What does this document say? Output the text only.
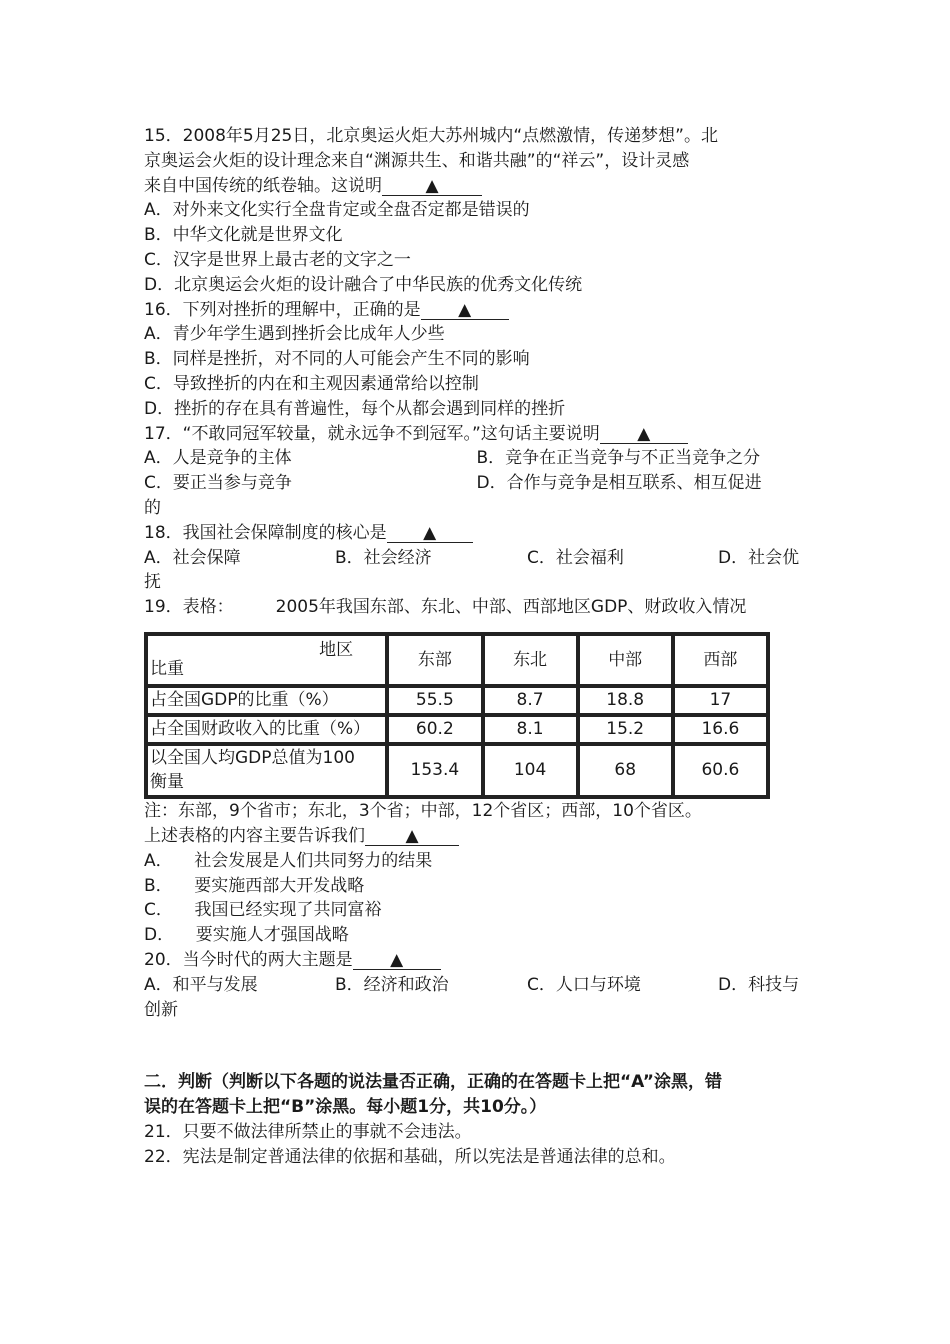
15．2008年5月25日，北京奥运火炬大苏州城内“点燃激情，传递梦想”。北
京奥运会火炬的设计理念来自“渊源共生、和谐共融”的“祥云”，设计灵感
来自中国传统的纸卷轴。这说明	▲
A．对外来文化实行全盘肯定或全盘否定都是错误的
B．中华文化就是世界文化
C．汉字是世界上最古老的文字之一
D．北京奥运会火炬的设计融合了中华民族的优秀文化传统
16．下列对挫折的理解中，正确的是 ▲
A．青少年学生遇到挫折会比成年人少些
B．同样是挫折，对不同的人可能会产生不同的影响
C．导致挫折的内在和主观因素通常给以控制
D．挫折的存在具有普遍性，每个从都会遇到同样的挫折
17．“不敢同冠军较量，就永远争不到冠军。”这句话主要说明 ▲
A．人是竞争的主体	B．竞争在正当竞争与不正当竞争之分
C．要正当参与竞争	D．合作与竞争是相互联系、相互促进
的
18．我国社会保障制度的核心是 ▲
A．社会保障	B．社会经济	C．社会福利	D．社会优
抚
19．表格： 2005年我国东部、东北、中部、西部地区GDP、财政收入情况
地区
比重	东部	东北	中部	西部
占全国GDP的比重（%）	55.5	8.7	18.8	17
占全国财政收入的比重（%）	60.2	8.1	15.2	16.6

以全国人均GDP总值为100
衡量	153.4	104	68	60.6
注：东部，9个省市；东北，3个省；中部，12个省区；西部，10个省区。
上述表格的内容主要告诉我们 ▲
A．    社会发展是人们共同努力的结果
B．    要实施西部大开发战略
C．    我国已经实现了共同富裕
D．    要实施人才强国战略
20．当今时代的两大主题是 ▲
A．和平与发展	B．经济和政治	C．人口与环境	D．科技与
创新
二．判断（判断以下各题的说法量否正确，正确的在答题卡上把“A”涂黑，错
误的在答题卡上把“B”涂黑。每小题1分，共10分。）
21．只要不做法律所禁止的事就不会违法。
22．宪法是制定普通法律的依据和基础，所以宪法是普通法律的总和。
